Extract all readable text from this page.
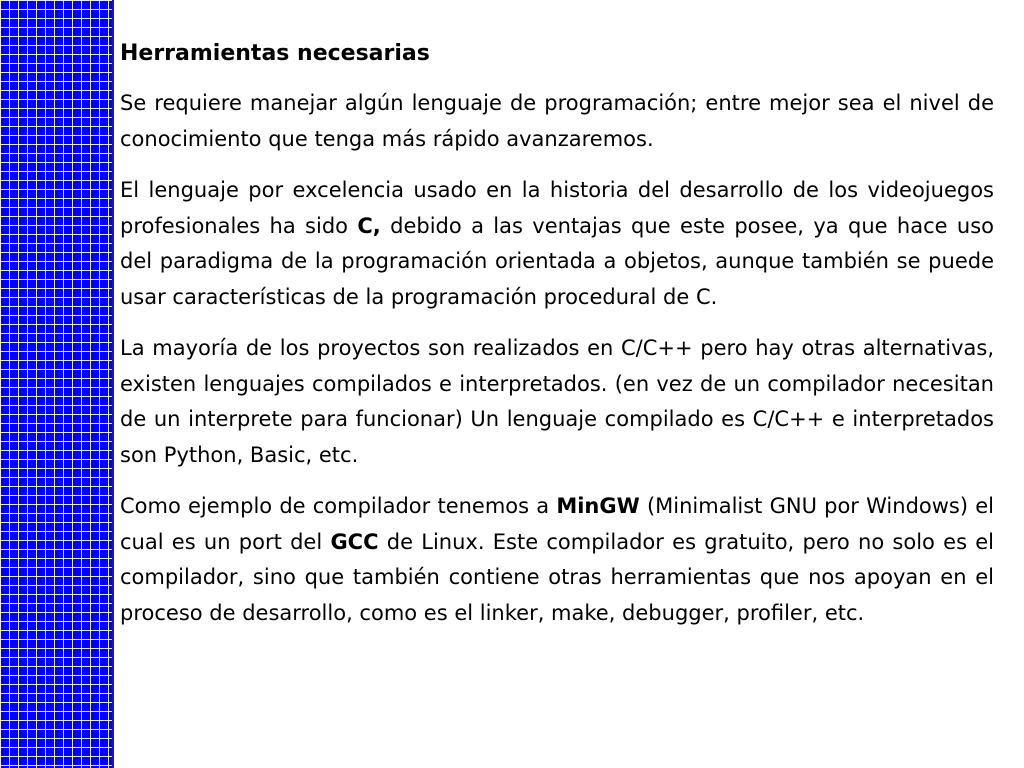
Herramientas necesarias

Se requiere manejar algún lenguaje de programación; entre mejor sea el nivel de conocimiento que tenga más rápido avanzaremos.

El lenguaje por excelencia usado en la historia del desarrollo de los videojuegos profesionales ha sido C, debido a las ventajas que este posee, ya que hace uso del paradigma de la programación orientada a objetos, aunque también se puede usar características de la programación procedural de C.

La mayoría de los proyectos son realizados en C/C++ pero hay otras alternativas, existen lenguajes compilados e interpretados. (en vez de un compilador necesitan de un interprete para funcionar) Un lenguaje compilado es C/C++ e interpretados son Python, Basic, etc.

Como ejemplo de compilador tenemos a MinGW (Minimalist GNU por Windows) el cual es un port del GCC de Linux. Este compilador es gratuito, pero no solo es el compilador, sino que también contiene otras herramientas que nos apoyan en el proceso de desarrollo, como es el linker, make, debugger, profiler, etc.
